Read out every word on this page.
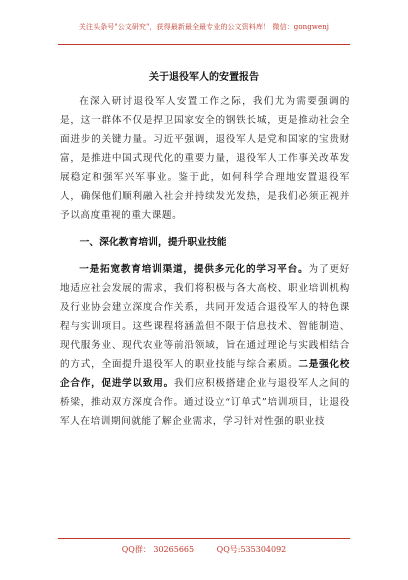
关注头条号"公文研究"，获得最新最全最专业的公文资料库！ 微信：gongwenj
关于退役军人的安置报告

在深入研讨退役军人安置工作之际，我们尤为需要强调的是，这一群体不仅是捍卫国家安全的钢铁长城，更是推动社会全面进步的关键力量。习近平强调，退役军人是党和国家的宝贵财富，是推进中国式现代化的重要力量，退役军人工作事关改革发展稳定和强军兴军事业。鉴于此，如何科学合理地安置退役军人，确保他们顺利融入社会并持续发光发热，是我们必须正视并予以高度重视的重大课题。

一、深化教育培训，提升职业技能

一是拓宽教育培训渠道，提供多元化的学习平台。为了更好地适应社会发展的需求，我们将积极与各大高校、职业培训机构及行业协会建立深度合作关系，共同开发适合退役军人的特色课程与实训项目。这些课程将涵盖但不限于信息技术、智能制造、现代服务业、现代农业等前沿领域，旨在通过理论与实践相结合的方式，全面提升退役军人的职业技能与综合素质。二是强化校企合作，促进学以致用。我们应积极搭建企业与退役军人之间的桥梁，推动双方深度合作。通过设立“订单式”培训项目，让退役军人在培训期间就能了解企业需求，学习针对性强的职业技

QQ群： 30265665	QQ号:535304092
